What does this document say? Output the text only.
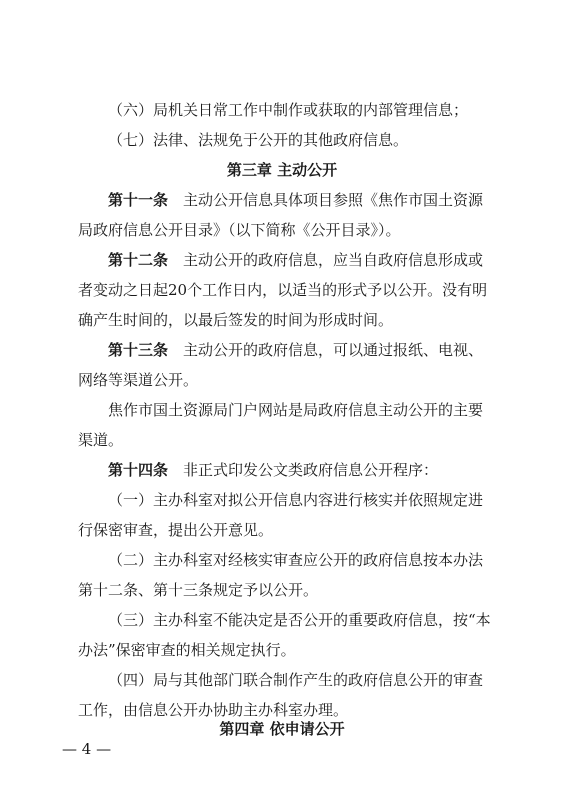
（六）局机关日常工作中制作或获取的内部管理信息；
（七）法律、法规免于公开的其他政府信息。
第三章 主动公开
第十一条　主动公开信息具体项目参照《焦作市国土资源
局政府信息公开目录》（以下简称《公开目录》）。
第十二条　主动公开的政府信息，应当自政府信息形成或
者变动之日起20个工作日内，以适当的形式予以公开。没有明
确产生时间的，以最后签发的时间为形成时间。
第十三条　主动公开的政府信息，可以通过报纸、电视、
网络等渠道公开。
焦作市国土资源局门户网站是局政府信息主动公开的主要
渠道。
第十四条　非正式印发公文类政府信息公开程序：
（一）主办科室对拟公开信息内容进行核实并依照规定进
行保密审查，提出公开意见。
（二）主办科室对经核实审查应公开的政府信息按本办法
第十二条、第十三条规定予以公开。
（三）主办科室不能决定是否公开的重要政府信息，按“本
办法”保密审查的相关规定执行。
（四）局与其他部门联合制作产生的政府信息公开的审查
工作，由信息公开办协助主办科室办理。
第四章 依申请公开
— 4 —
